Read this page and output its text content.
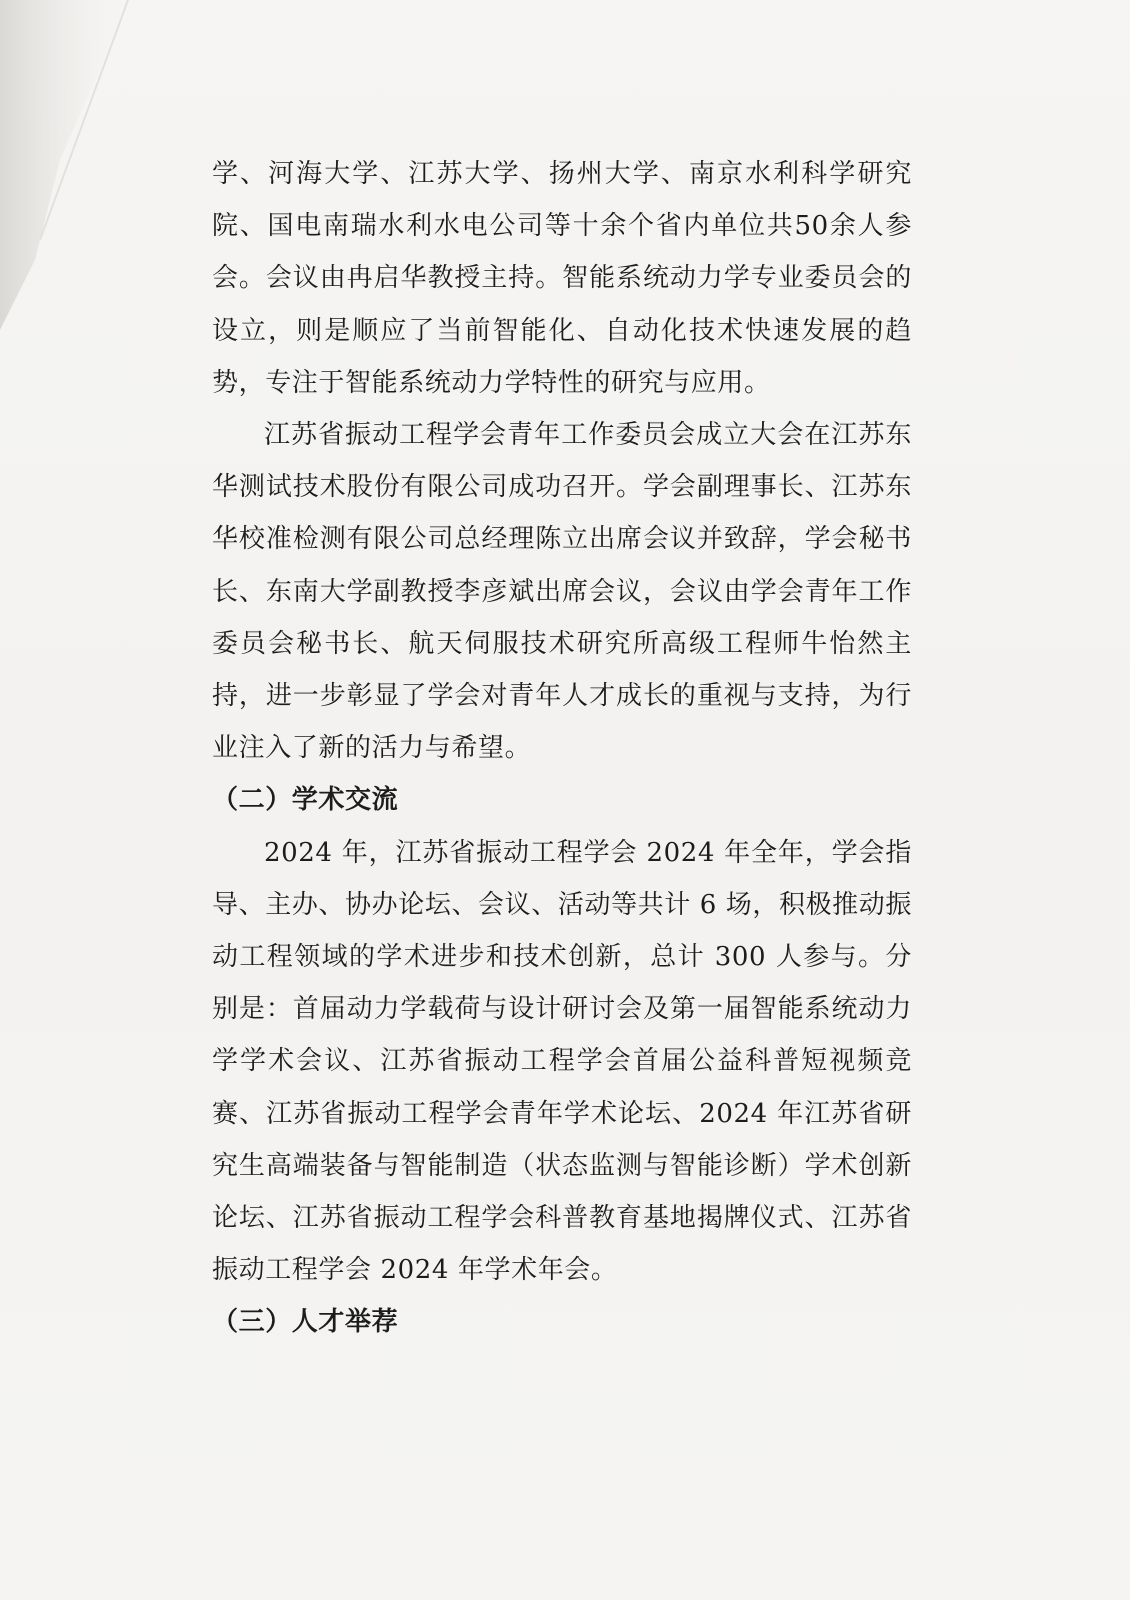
学、河海大学、江苏大学、扬州大学、南京水利科学研究院、国电南瑞水利水电公司等十余个省内单位共50余人参会。会议由冉启华教授主持。智能系统动力学专业委员会的设立，则是顺应了当前智能化、自动化技术快速发展的趋势，专注于智能系统动力学特性的研究与应用。

江苏省振动工程学会青年工作委员会成立大会在江苏东华测试技术股份有限公司成功召开。学会副理事长、江苏东华校准检测有限公司总经理陈立出席会议并致辞，学会秘书长、东南大学副教授李彦斌出席会议，会议由学会青年工作委员会秘书长、航天伺服技术研究所高级工程师牛怡然主持，进一步彰显了学会对青年人才成长的重视与支持，为行业注入了新的活力与希望。

（二）学术交流

2024 年，江苏省振动工程学会 2024 年全年，学会指导、主办、协办论坛、会议、活动等共计 6 场，积极推动振动工程领域的学术进步和技术创新，总计 300 人参与。分别是：首届动力学载荷与设计研讨会及第一届智能系统动力学学术会议、江苏省振动工程学会首届公益科普短视频竞赛、江苏省振动工程学会青年学术论坛、2024 年江苏省研究生高端装备与智能制造（状态监测与智能诊断）学术创新论坛、江苏省振动工程学会科普教育基地揭牌仪式、江苏省振动工程学会 2024 年学术年会。

（三）人才举荐
